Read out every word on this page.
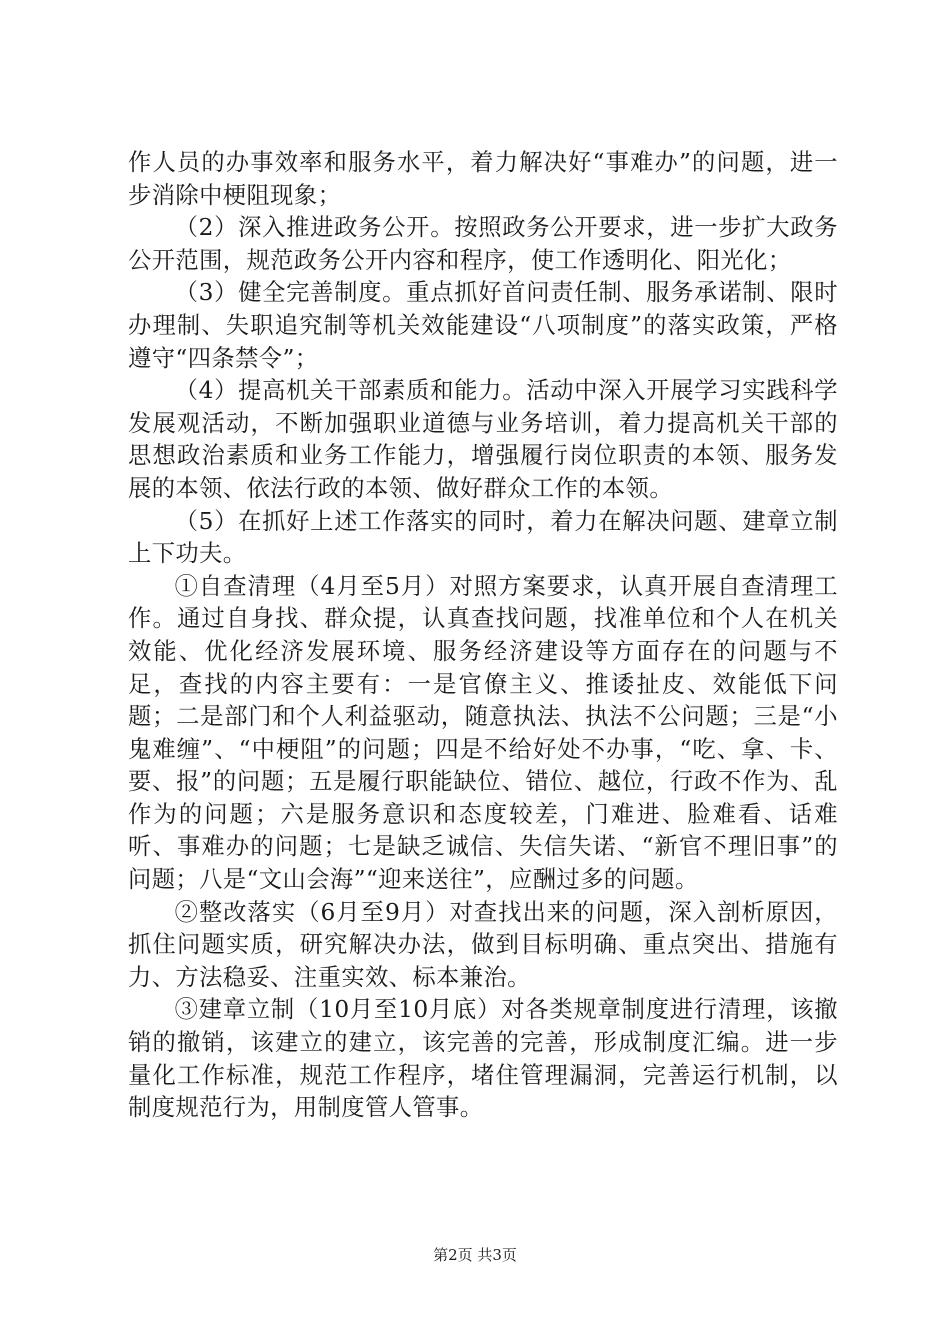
作人员的办事效率和服务水平，着力解决好“事难办”的问题，进一步消除中梗阻现象；

（2）深入推进政务公开。按照政务公开要求，进一步扩大政务公开范围，规范政务公开内容和程序，使工作透明化、阳光化；

（3）健全完善制度。重点抓好首问责任制、服务承诺制、限时办理制、失职追究制等机关效能建设“八项制度”的落实政策，严格遵守“四条禁令”；

（4）提高机关干部素质和能力。活动中深入开展学习实践科学发展观活动，不断加强职业道德与业务培训，着力提高机关干部的思想政治素质和业务工作能力，增强履行岗位职责的本领、服务发展的本领、依法行政的本领、做好群众工作的本领。

（5）在抓好上述工作落实的同时，着力在解决问题、建章立制上下功夫。

①自查清理（4月至5月）对照方案要求，认真开展自查清理工作。通过自身找、群众提，认真查找问题，找准单位和个人在机关效能、优化经济发展环境、服务经济建设等方面存在的问题与不足，查找的内容主要有：一是官僚主义、推诿扯皮、效能低下问题；二是部门和个人利益驱动，随意执法、执法不公问题；三是“小鬼难缠”、“中梗阻”的问题；四是不给好处不办事，“吃、拿、卡、要、报”的问题；五是履行职能缺位、错位、越位，行政不作为、乱作为的问题；六是服务意识和态度较差，门难进、脸难看、话难听、事难办的问题；七是缺乏诚信、失信失诺、“新官不理旧事”的问题；八是“文山会海”“迎来送往”，应酬过多的问题。

②整改落实（6月至9月）对查找出来的问题，深入剖析原因，抓住问题实质，研究解决办法，做到目标明确、重点突出、措施有力、方法稳妥、注重实效、标本兼治。

③建章立制（10月至10月底）对各类规章制度进行清理，该撤销的撤销，该建立的建立，该完善的完善，形成制度汇编。进一步量化工作标准，规范工作程序，堵住管理漏洞，完善运行机制，以制度规范行为，用制度管人管事。

第2页 共3页
